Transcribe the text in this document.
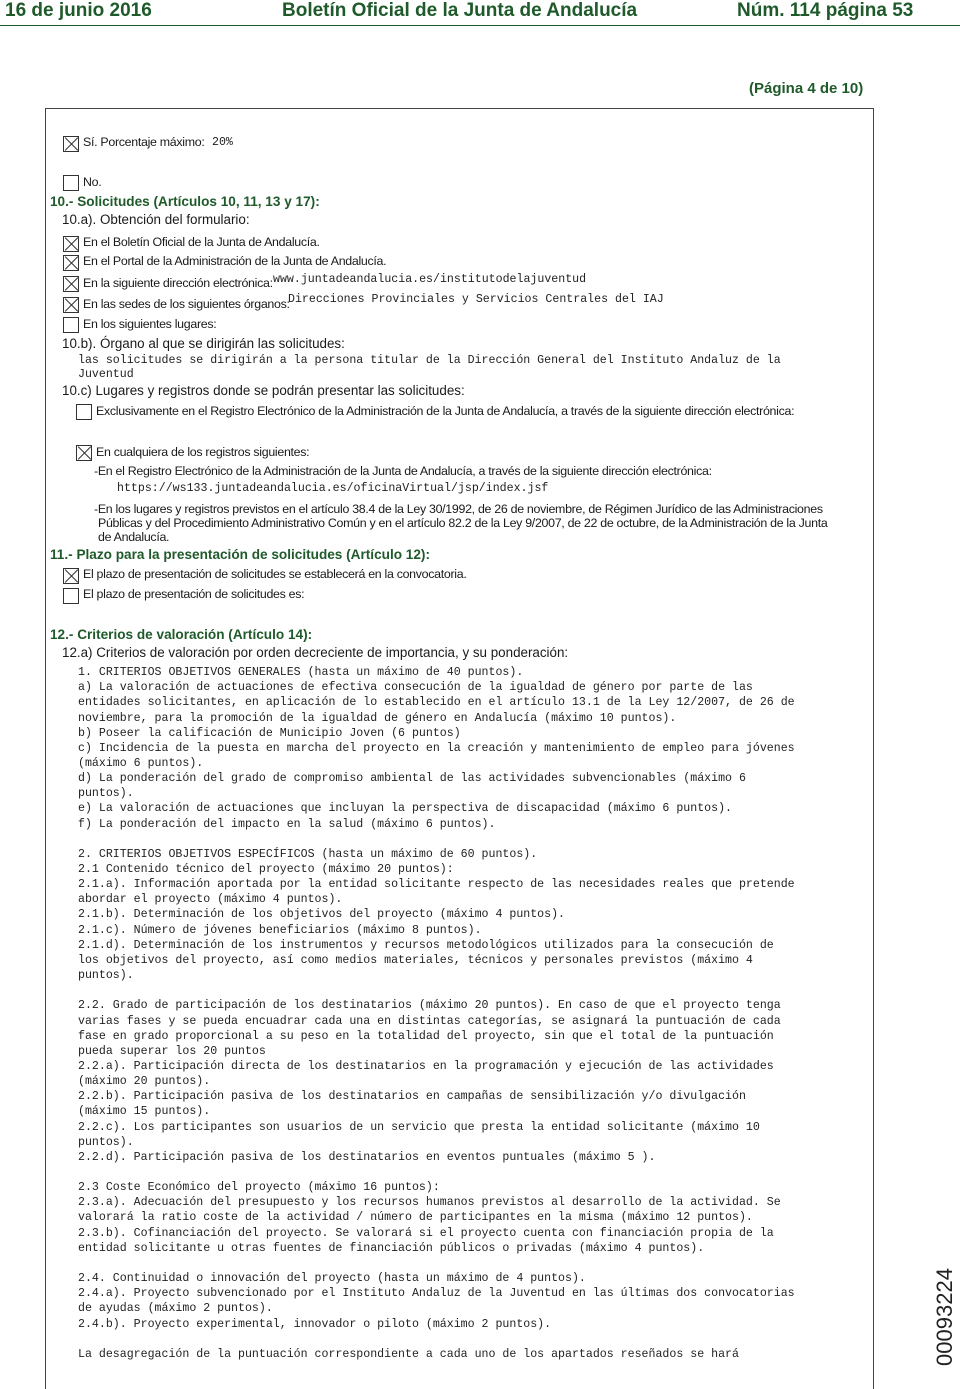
16 de junio 2016	Boletín Oficial de la Junta de Andalucía	Núm. 114 página 53
(Página 4 de 10)
Sí. Porcentaje máximo: 20%
No.
10.- Solicitudes (Artículos 10, 11, 13 y 17):
10.a). Obtención del formulario:
En el Boletín Oficial de la Junta de Andalucía.
En el Portal de la Administración de la Junta de Andalucía.
En la siguiente dirección electrónica: www.juntadeandalucia.es/institutodelajuventud
En las sedes de los siguientes órganos:
Direcciones Provinciales y Servicios Centrales del IAJ
En los siguientes lugares:
10.b). Órgano al que se dirigirán las solicitudes:
las solicitudes se dirigirán a la persona titular de la Dirección General del Instituto Andaluz de la
Juventud
10.c) Lugares y registros donde se podrán presentar las solicitudes:
Exclusivamente en el Registro Electrónico de la Administración de la Junta de Andalucía, a través de la siguiente dirección electrónica:
En cualquiera de los registros siguientes:
-En el Registro Electrónico de la Administración de la Junta de Andalucía, a través de la siguiente dirección electrónica:
https://ws133.juntadeandalucia.es/oficinaVirtual/jsp/index.jsf
-En los lugares y registros previstos en el artículo 38.4 de la Ley 30/1992, de 26 de noviembre, de Régimen Jurídico de las Administraciones
Públicas y del Procedimiento Administrativo Común y en el artículo 82.2 de la Ley 9/2007, de 22 de octubre, de la Administración de la Junta
de Andalucía.
11.- Plazo para la presentación de solicitudes (Artículo 12):
El plazo de presentación de solicitudes se establecerá en la convocatoria.
El plazo de presentación de solicitudes es:
12.- Criterios de valoración (Artículo 14):
12.a) Criterios de valoración por orden decreciente de importancia, y su ponderación:
1. CRITERIOS OBJETIVOS GENERALES (hasta un máximo de 40 puntos).
a) La valoración de actuaciones de efectiva consecución de la igualdad de género por parte de las
entidades solicitantes, en aplicación de lo establecido en el artículo 13.1 de la Ley 12/2007, de 26 de
noviembre, para la promoción de la igualdad de género en Andalucía (máximo 10 puntos).
b) Poseer la calificación de Municipio Joven (6 puntos)
c) Incidencia de la puesta en marcha del proyecto en la creación y mantenimiento de empleo para jóvenes
(máximo 6 puntos).
d) La ponderación del grado de compromiso ambiental de las actividades subvencionables (máximo 6
puntos).
e) La valoración de actuaciones que incluyan la perspectiva de discapacidad (máximo 6 puntos).
f) La ponderación del impacto en la salud (máximo 6 puntos).
2. CRITERIOS OBJETIVOS ESPECÍFICOS (hasta un máximo de 60 puntos).
2.1 Contenido técnico del proyecto (máximo 20 puntos):
2.1.a). Información aportada por la entidad solicitante respecto de las necesidades reales que pretende
abordar el proyecto (máximo 4 puntos).
2.1.b). Determinación de los objetivos del proyecto (máximo 4 puntos).
2.1.c). Número de jóvenes beneficiarios (máximo 8 puntos).
2.1.d). Determinación de los instrumentos y recursos metodológicos utilizados para la consecución de
los objetivos del proyecto, así como medios materiales, técnicos y personales previstos (máximo 4
puntos).
2.2. Grado de participación de los destinatarios (máximo 20 puntos). En caso de que el proyecto tenga
varias fases y se pueda encuadrar cada una en distintas categorías, se asignará la puntuación de cada
fase en grado proporcional a su peso en la totalidad del proyecto, sin que el total de la puntuación
pueda superar los 20 puntos
2.2.a). Participación directa de los destinatarios en la programación y ejecución de las actividades
(máximo 20 puntos).
2.2.b). Participación pasiva de los destinatarios en campañas de sensibilización y/o divulgación
(máximo 15 puntos).
2.2.c). Los participantes son usuarios de un servicio que presta la entidad solicitante (máximo 10
puntos).
2.2.d). Participación pasiva de los destinatarios en eventos puntuales (máximo 5 ).
2.3 Coste Económico del proyecto (máximo 16 puntos):
2.3.a). Adecuación del presupuesto y los recursos humanos previstos al desarrollo de la actividad. Se
valorará la ratio coste de la actividad / número de participantes en la misma (máximo 12 puntos).
2.3.b). Cofinanciación del proyecto. Se valorará si el proyecto cuenta con financiación propia de la
entidad solicitante u otras fuentes de financiación públicos o privadas (máximo 4 puntos).
2.4. Continuidad o innovación del proyecto (hasta un máximo de 4 puntos).
2.4.a). Proyecto subvencionado por el Instituto Andaluz de la Juventud en las últimas dos convocatorias
de ayudas (máximo 2 puntos).
2.4.b). Proyecto experimental, innovador o piloto (máximo 2 puntos).
La desagregación de la puntuación correspondiente a cada uno de los apartados reseñados se hará	00093224
